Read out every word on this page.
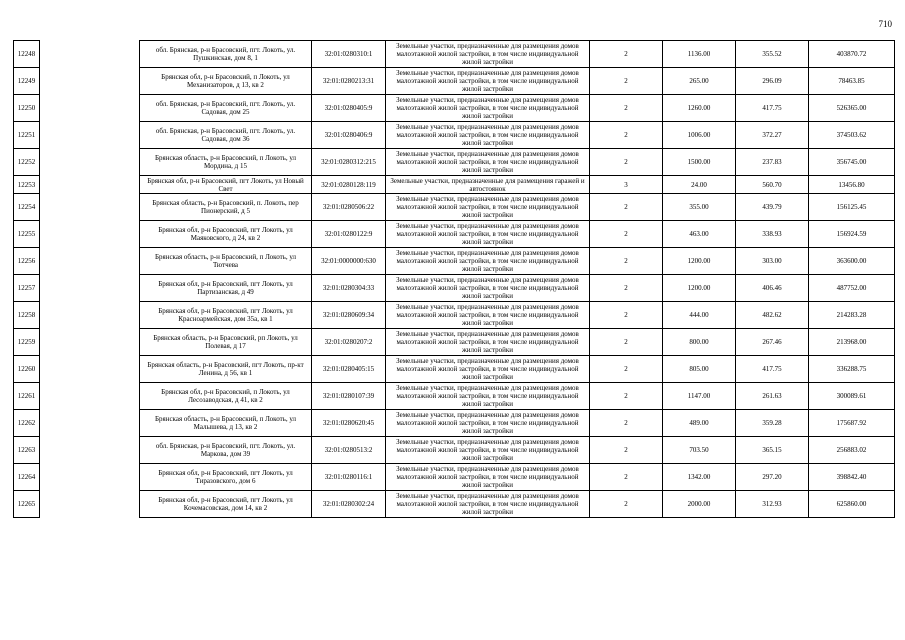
710
12248		обл. Брянская, р-н Брасовский, пгт. Локоть, ул. Пушкинская, дом 8, 1	32:01:0280310:1	Земельные участки, предназначенные для размещения домов малоэтажной жилой застройки, в том числе индивидуальной жилой застройки	2	1136.00	355.52	403870.72
12249		Брянская обл, р-н Брасовский, п Локоть, ул Механизаторов, д 13, кв 2	32:01:0280213:31	Земельные участки, предназначенные для размещения домов малоэтажной жилой застройки, в том числе индивидуальной жилой застройки	2	265.00	296.09	78463.85
12250		обл. Брянская, р-н Брасовский, пгт. Локоть, ул. Садовая, дом 25	32:01:0280405:9	Земельные участки, предназначенные для размещения домов малоэтажной жилой застройки, в том числе индивидуальной жилой застройки	2	1260.00	417.75	526365.00
12251		обл. Брянская, р-н Брасовский, пгт. Локоть, ул. Садовая, дом 36	32:01:0280406:9	Земельные участки, предназначенные для размещения домов малоэтажной жилой застройки, в том числе индивидуальной жилой застройки	2	1006.00	372.27	374503.62
12252		Брянская область, р-н Брасовский, п Локоть, ул Мордина, д 15	32:01:0280312:215	Земельные участки, предназначенные для размещения домов малоэтажной жилой застройки, в том числе индивидуальной жилой застройки	2	1500.00	237.83	356745.00
12253		Брянская обл, р-н Брасовский, пгт Локоть, ул Новый Свет	32:01:0280128:119	Земельные участки, предназначенные для размещения гаражей и автостоянок	3	24.00	560.70	13456.80
12254		Брянская область, р-н Брасовский, п. Локоть, пер Пионерский, д 5	32:01:0280506:22	Земельные участки, предназначенные для размещения домов малоэтажной жилой застройки, в том числе индивидуальной жилой застройки	2	355.00	439.79	156125.45
12255		Брянская обл, р-н Брасовский, пгт Локоть, ул Маяковского, д 24, кв 2	32:01:0280122:9	Земельные участки, предназначенные для размещения домов малоэтажной жилой застройки, в том числе индивидуальной жилой застройки	2	463.00	338.93	156924.59
12256		Брянская область, р-н Брасовский, п Локоть, ул Тютчева	32:01:0000000:630	Земельные участки, предназначенные для размещения домов малоэтажной жилой застройки, в том числе индивидуальной жилой застройки	2	1200.00	303.00	363600.00
12257		Брянская обл, р-н Брасовский, пгт Локоть, ул Партизанская, д 49	32:01:0280304:33	Земельные участки, предназначенные для размещения домов малоэтажной жилой застройки, в том числе индивидуальной жилой застройки	2	1200.00	406.46	487752.00
12258		Брянская обл, р-н Брасовский, пгт Локоть, ул Красноармейская, дом 35а, кв 1	32:01:0280609:34	Земельные участки, предназначенные для размещения домов малоэтажной жилой застройки, в том числе индивидуальной жилой застройки	2	444.00	482.62	214283.28
12259		Брянская область, р-н Брасовский, рп Локоть, ул Полевая, д 17	32:01:0280207:2	Земельные участки, предназначенные для размещения домов малоэтажной жилой застройки, в том числе индивидуальной жилой застройки	2	800.00	267.46	213968.00
12260		Брянская область, р-н Брасовский, пгт Локоть, пр-кт Ленина, д 56, кв 1	32:01:0280405:15	Земельные участки, предназначенные для размещения домов малоэтажной жилой застройки, в том числе индивидуальной жилой застройки	2	805.00	417.75	336288.75
12261		Брянская обл, р-н Брасовский, п Локоть, ул Лесозаводская, д 41, кв 2	32:01:0280107:39	Земельные участки, предназначенные для размещения домов малоэтажной жилой застройки, в том числе индивидуальной жилой застройки	2	1147.00	261.63	300089.61
12262		Брянская область, р-н Брасовский, п Локоть, ул Малышева, д 13, кв 2	32:01:0280620:45	Земельные участки, предназначенные для размещения домов малоэтажной жилой застройки, в том числе индивидуальной жилой застройки	2	489.00	359.28	175687.92
12263		обл. Брянская, р-н Брасовский, пгт. Локоть, ул. Маркова, дом 39	32:01:0280513:2	Земельные участки, предназначенные для размещения домов малоэтажной жилой застройки, в том числе индивидуальной жилой застройки	2	703.50	365.15	256883.02
12264		Брянская обл, р-н Брасовский, пгт Локоть, ул Тиразовского, дом 6	32:01:0280116:1	Земельные участки, предназначенные для размещения домов малоэтажной жилой застройки, в том числе индивидуальной жилой застройки	2	1342.00	297.20	398842.40
12265		Брянская обл, р-н Брасовский, пгт Локоть, ул Кочемасовская, дом 14, кв 2	32:01:0280302:24	Земельные участки, предназначенные для размещения домов малоэтажной жилой застройки, в том числе индивидуальной жилой застройки	2	2000.00	312.93	625860.00
